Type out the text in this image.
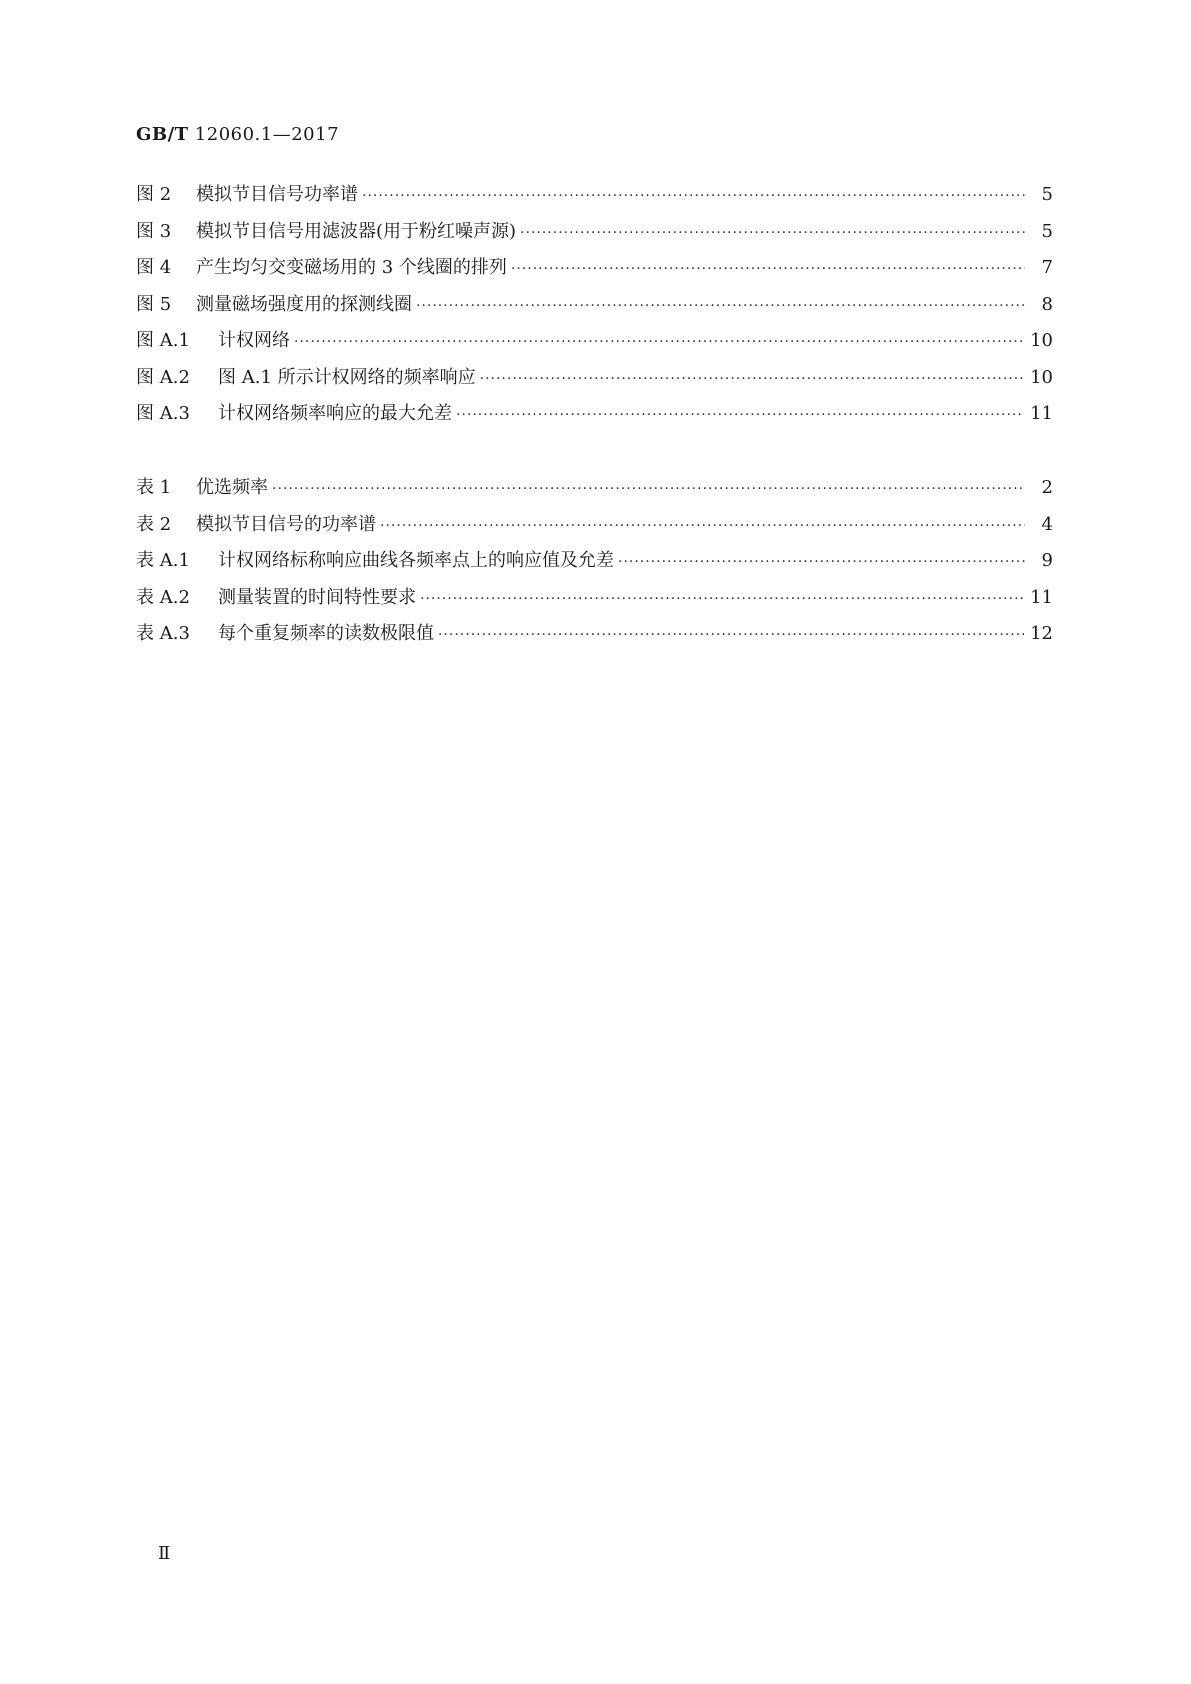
GB/T 12060.1—2017
图 2	模拟节目信号功率谱 ·····	5
图 3	模拟节目信号用滤波器(用于粉红噪声源) ·····	5
图 4	产生均匀交变磁场用的 3 个线圈的排列 ·····	7
图 5	测量磁场强度用的探测线圈 ·····	8
图 A.1	计权网络 ·····	10
图 A.2	图 A.1 所示计权网络的频率响应 ·····	10
图 A.3	计权网络频率响应的最大允差 ·····	11
表 1	优选频率 ·····	2
表 2	模拟节目信号的功率谱 ·····	4
表 A.1	计权网络标称响应曲线各频率点上的响应值及允差 ·····	9
表 A.2	测量装置的时间特性要求 ·····	11
表 A.3	每个重复频率的读数极限值 ·····	12
Ⅱ
